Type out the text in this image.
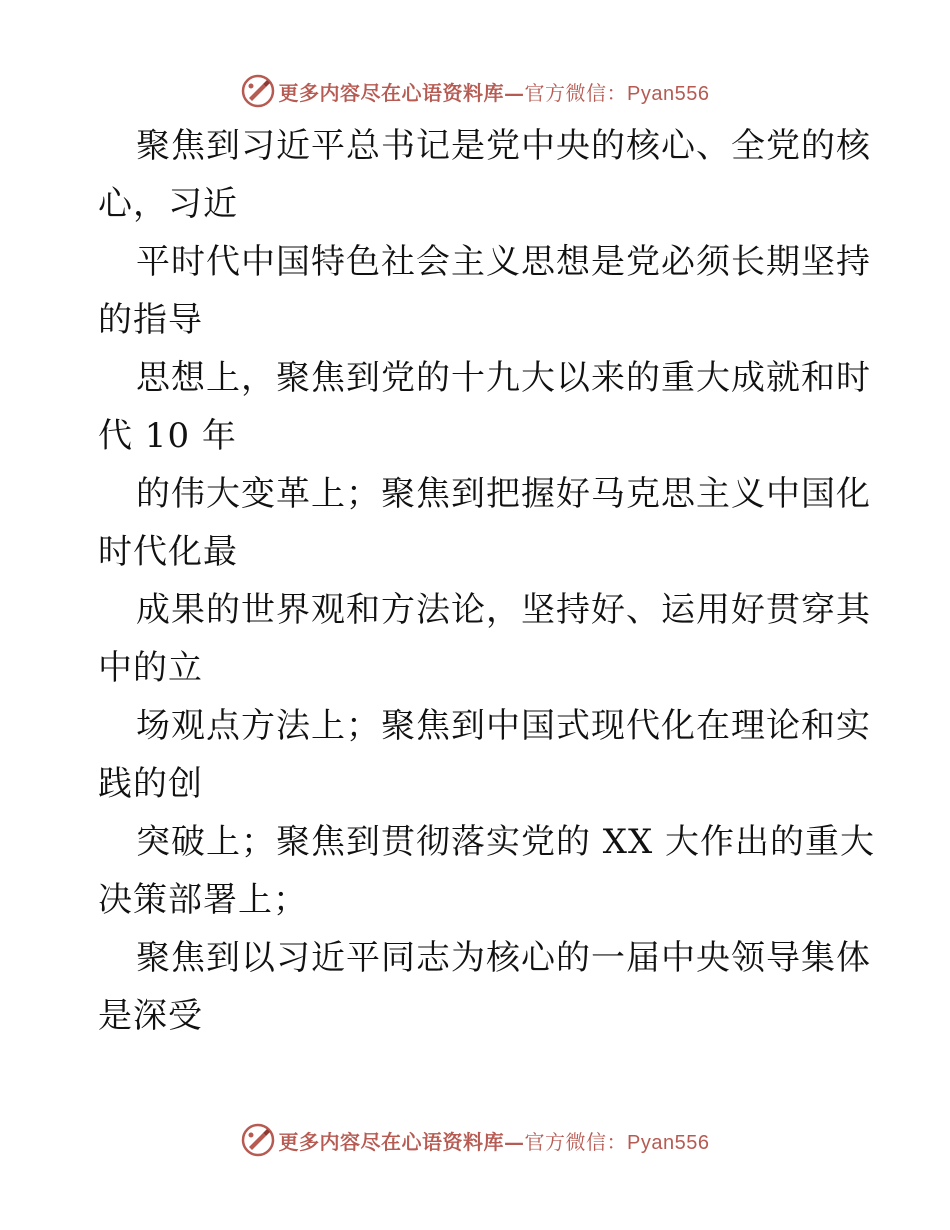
更多内容尽在心语资料库—官方微信：Pyan556
聚焦到习近平总书记是党中央的核心、全党的核
心，习近
平时代中国特色社会主义思想是党必须长期坚持
的指导
思想上，聚焦到党的十九大以来的重大成就和时
代 10 年
的伟大变革上；聚焦到把握好马克思主义中国化
时代化最
成果的世界观和方法论，坚持好、运用好贯穿其
中的立
场观点方法上；聚焦到中国式现代化在理论和实
践的创
突破上；聚焦到贯彻落实党的 XX 大作出的重大
决策部署上；
聚焦到以习近平同志为核心的一届中央领导集体
是深受
更多内容尽在心语资料库—官方微信：Pyan556
